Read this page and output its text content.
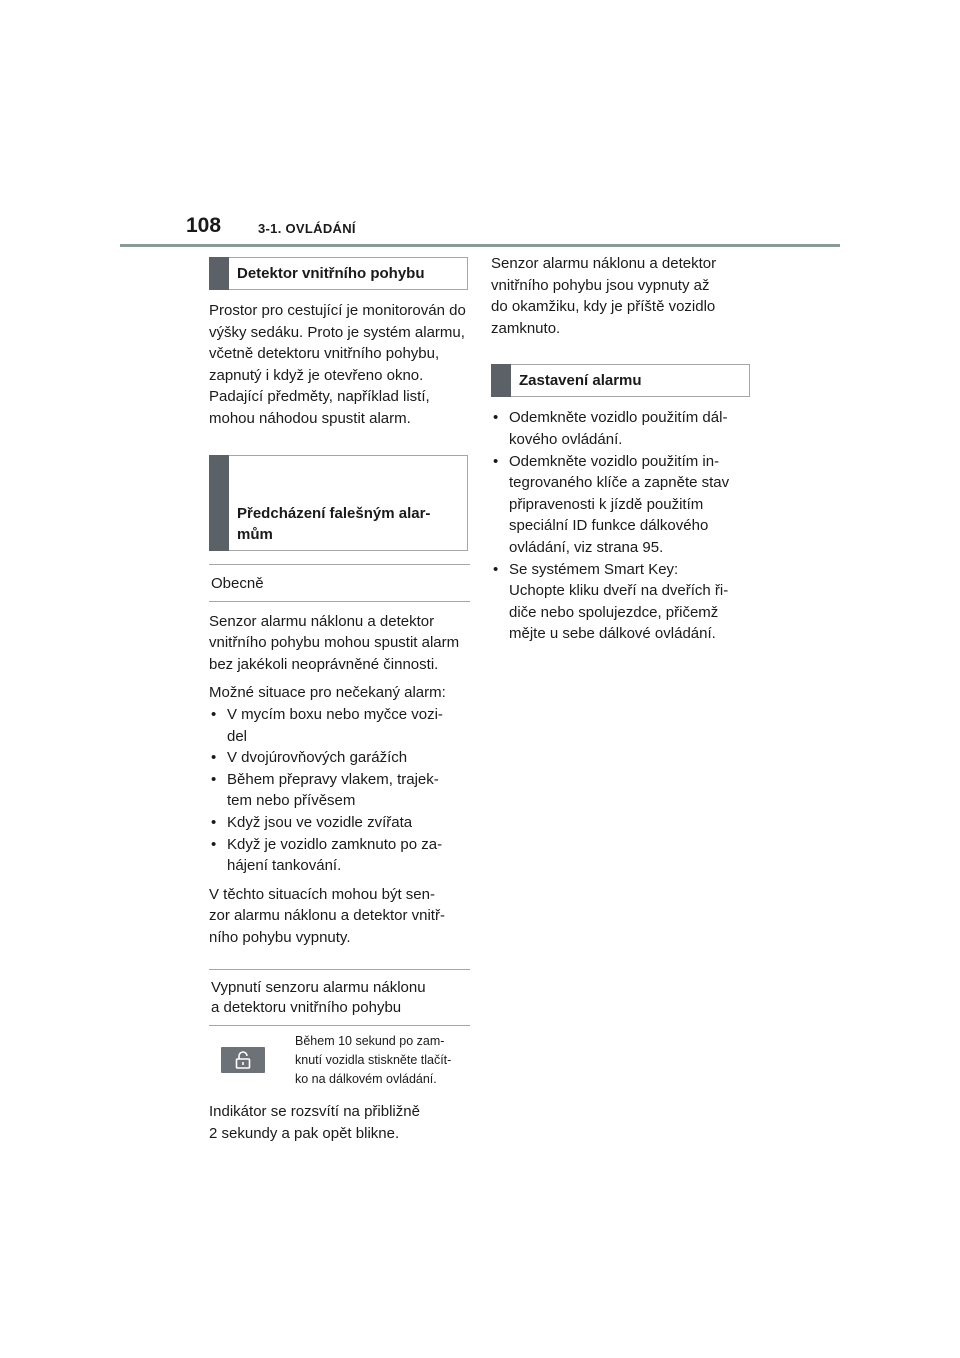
108	3-1. OVLÁDÁNÍ
Detektor vnitřního pohybu

Prostor pro cestující je monitorován do výšky sedáku. Proto je systém alarmu, včetně detektoru vnitřního pohybu, zapnutý i když je otevřeno okno. Padající předměty, například listí, mohou náhodou spustit alarm.

Předcházení falešným alar-
mům

Obecně

Senzor alarmu náklonu a detektor vnitřního pohybu mohou spustit alarm bez jakékoli neoprávněné činnosti.

Možné situace pro nečekaný alarm:

• V mycím boxu nebo myčce vozi-
del
• V dvojúrovňových garážích
• Během přepravy vlakem, trajek-
tem nebo přívěsem
• Když jsou ve vozidle zvířata
• Když je vozidlo zamknuto po za-
hájení tankování.

V těchto situacích mohou být sen-
zor alarmu náklonu a detektor vnitř-
ního pohybu vypnuty.

Vypnutí senzoru alarmu náklonu
a detektoru vnitřního pohybu
Během 10 sekund po zam-
knutí vozidla stiskněte tlačít-
ko na dálkovém ovládání.

Indikátor se rozsvítí na přibližně
2 sekundy a pak opět blikne.

Senzor alarmu náklonu a detektor
vnitřního pohybu jsou vypnuty až
do okamžiku, kdy je příště vozidlo
zamknuto.

Zastavení alarmu
• Odemkněte vozidlo použitím dál-
kového ovládání.
• Odemkněte vozidlo použitím in-
tegrovaného klíče a zapněte stav
připravenosti k jízdě použitím
speciální ID funkce dálkového
ovládání, viz strana 95.
• Se systémem Smart Key:
Uchopte kliku dveří na dveřích ři-
diče nebo spolujezdce, přičemž
mějte u sebe dálkové ovládání.
